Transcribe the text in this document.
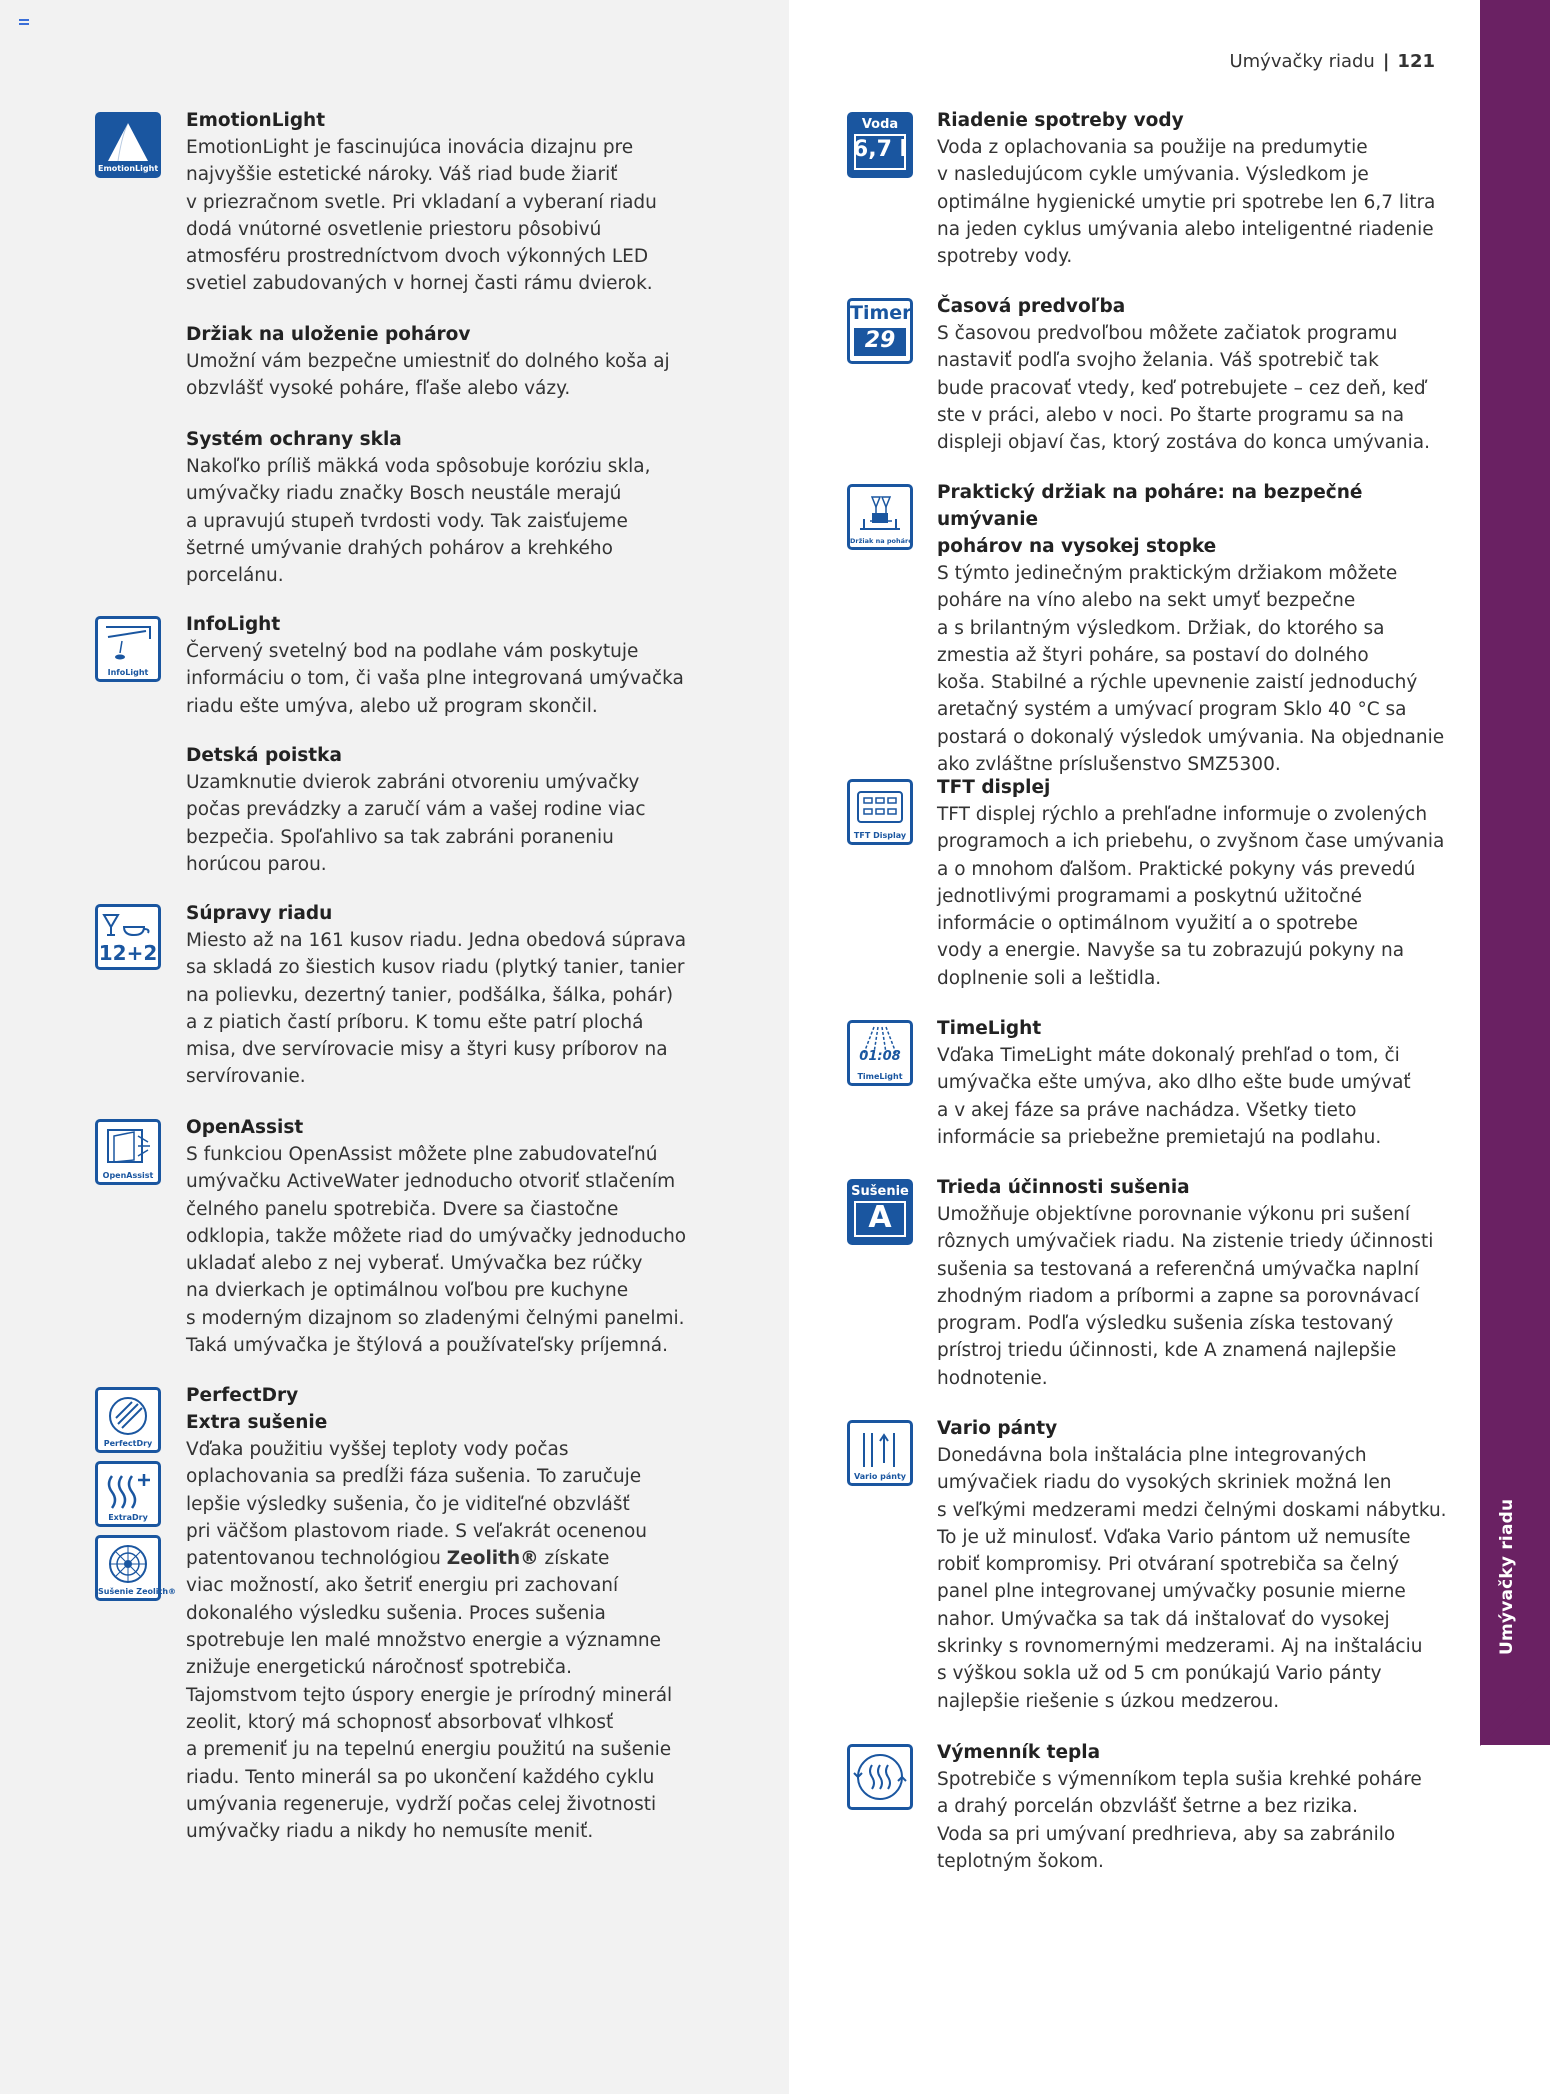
Umývačky riadu
Umývačky riadu | 121
EmotionLight
EmotionLight
EmotionLight je fascinujúca inovácia dizajnu pre
najvyššie estetické nároky. Váš riad bude žiariť
v priezračnom svetle. Pri vkladaní a vyberaní riadu
dodá vnútorné osvetlenie priestoru pôsobivú
atmosféru prostredníctvom dvoch výkonných LED
svetiel zabudovaných v hornej časti rámu dvierok.
Držiak na uloženie pohárov
Umožní vám bezpečne umiestniť do dolného koša aj
obzvlášť vysoké poháre, fľaše alebo vázy.
Systém ochrany skla
Nakoľko príliš mäkká voda spôsobuje koróziu skla,
umývačky riadu značky Bosch neustále merajú
a upravujú stupeň tvrdosti vody. Tak zaisťujeme
šetrné umývanie drahých pohárov a krehkého
porcelánu.
InfoLight
InfoLight
Červený svetelný bod na podlahe vám poskytuje
informáciu o tom, či vaša plne integrovaná umývačka
riadu ešte umýva, alebo už program skončil.
Detská poistka
Uzamknutie dvierok zabráni otvoreniu umývačky
počas prevádzky a zaručí vám a vašej rodine viac
bezpečia. Spoľahlivo sa tak zabráni poraneniu
horúcou parou.
12+2
Súpravy riadu
Miesto až na 161 kusov riadu. Jedna obedová súprava
sa skladá zo šiestich kusov riadu (plytký tanier, tanier
na polievku, dezertný tanier, podšálka, šálka, pohár)
a z piatich častí príboru. K tomu ešte patrí plochá
misa, dve servírovacie misy a štyri kusy príborov na
servírovanie.
OpenAssist
OpenAssist
S funkciou OpenAssist môžete plne zabudovateľnú
umývačku ActiveWater jednoducho otvoriť stlačením
čelného panelu spotrebiča. Dvere sa čiastočne
odklopia, takže môžete riad do umývačky jednoducho
ukladať alebo z nej vyberať. Umývačka bez rúčky
na dvierkach je optimálnou voľbou pre kuchyne
s moderným dizajnom so zladenými čelnými panelmi.
Taká umývačka je štýlová a používateľsky príjemná.
PerfectDry
ExtraDry
Sušenie Zeolith®
PerfectDry
Extra sušenie
Vďaka použitiu vyššej teploty vody počas
oplachovania sa predĺži fáza sušenia. To zaručuje
lepšie výsledky sušenia, čo je viditeľné obzvlášť
pri väčšom plastovom riade. S veľakrát ocenenou
patentovanou technológiou Zeolith® získate
viac možností, ako šetriť energiu pri zachovaní
dokonalého výsledku sušenia. Proces sušenia
spotrebuje len malé množstvo energie a významne
znižuje energetickú náročnosť spotrebiča.
Tajomstvom tejto úspory energie je prírodný minerál
zeolit, ktorý má schopnosť absorbovať vlhkosť
a premeniť ju na tepelnú energiu použitú na sušenie
riadu. Tento minerál sa po ukončení každého cyklu
umývania regeneruje, vydrží počas celej životnosti
umývačky riadu a nikdy ho nemusíte meniť.
Voda
6,7 l
Riadenie spotreby vody
Voda z oplachovania sa použije na predumytie
v nasledujúcom cykle umývania. Výsledkom je
optimálne hygienické umytie pri spotrebe len 6,7 litra
na jeden cyklus umývania alebo inteligentné riadenie
spotreby vody.
Timer
29
Časová predvoľba
S časovou predvoľbou môžete začiatok programu
nastaviť podľa svojho želania. Váš spotrebič tak
bude pracovať vtedy, keď potrebujete – cez deň, keď
ste v práci, alebo v noci. Po štarte programu sa na
displeji objaví čas, ktorý zostáva do konca umývania.
Držiak na poháre
Praktický držiak na poháre: na bezpečné umývanie
pohárov na vysokej stopke
S týmto jedinečným praktickým držiakom môžete
poháre na víno alebo na sekt umyť bezpečne
a s brilantným výsledkom. Držiak, do ktorého sa
zmestia až štyri poháre, sa postaví do dolného
koša. Stabilné a rýchle upevnenie zaistí jednoduchý
aretačný systém a umývací program Sklo 40 °C sa
postará o dokonalý výsledok umývania. Na objednanie
ako zvláštne príslušenstvo SMZ5300.
TFT Display
TFT displej
TFT displej rýchlo a prehľadne informuje o zvolených
programoch a ich priebehu, o zvyšnom čase umývania
a o mnohom ďalšom. Praktické pokyny vás prevedú
jednotlivými programami a poskytnú užitočné
informácie o optimálnom využití a o spotrebe
vody a energie. Navyše sa tu zobrazujú pokyny na
doplnenie soli a leštidla.
01:08
TimeLight
TimeLight
Vďaka TimeLight máte dokonalý prehľad o tom, či
umývačka ešte umýva, ako dlho ešte bude umývať
a v akej fáze sa práve nachádza. Všetky tieto
informácie sa priebežne premietajú na podlahu.
Sušenie
A
Trieda účinnosti sušenia
Umožňuje objektívne porovnanie výkonu pri sušení
rôznych umývačiek riadu. Na zistenie triedy účinnosti
sušenia sa testovaná a referenčná umývačka naplní
zhodným riadom a príbormi a zapne sa porovnávací
program. Podľa výsledku sušenia získa testovaný
prístroj triedu účinnosti, kde A znamená najlepšie
hodnotenie.
Vario pánty
Vario pánty
Donedávna bola inštalácia plne integrovaných
umývačiek riadu do vysokých skriniek možná len
s veľkými medzerami medzi čelnými doskami nábytku.
To je už minulosť. Vďaka Vario pántom už nemusíte
robiť kompromisy. Pri otváraní spotrebiča sa čelný
panel plne integrovanej umývačky posunie mierne
nahor. Umývačka sa tak dá inštalovať do vysokej
skrinky s rovnomernými medzerami. Aj na inštaláciu
s výškou sokla už od 5 cm ponúkajú Vario pánty
najlepšie riešenie s úzkou medzerou.
Výmenník tepla
Spotrebiče s výmenníkom tepla sušia krehké poháre
a drahý porcelán obzvlášť šetrne a bez rizika.
Voda sa pri umývaní predhrieva, aby sa zabránilo
teplotným šokom.
